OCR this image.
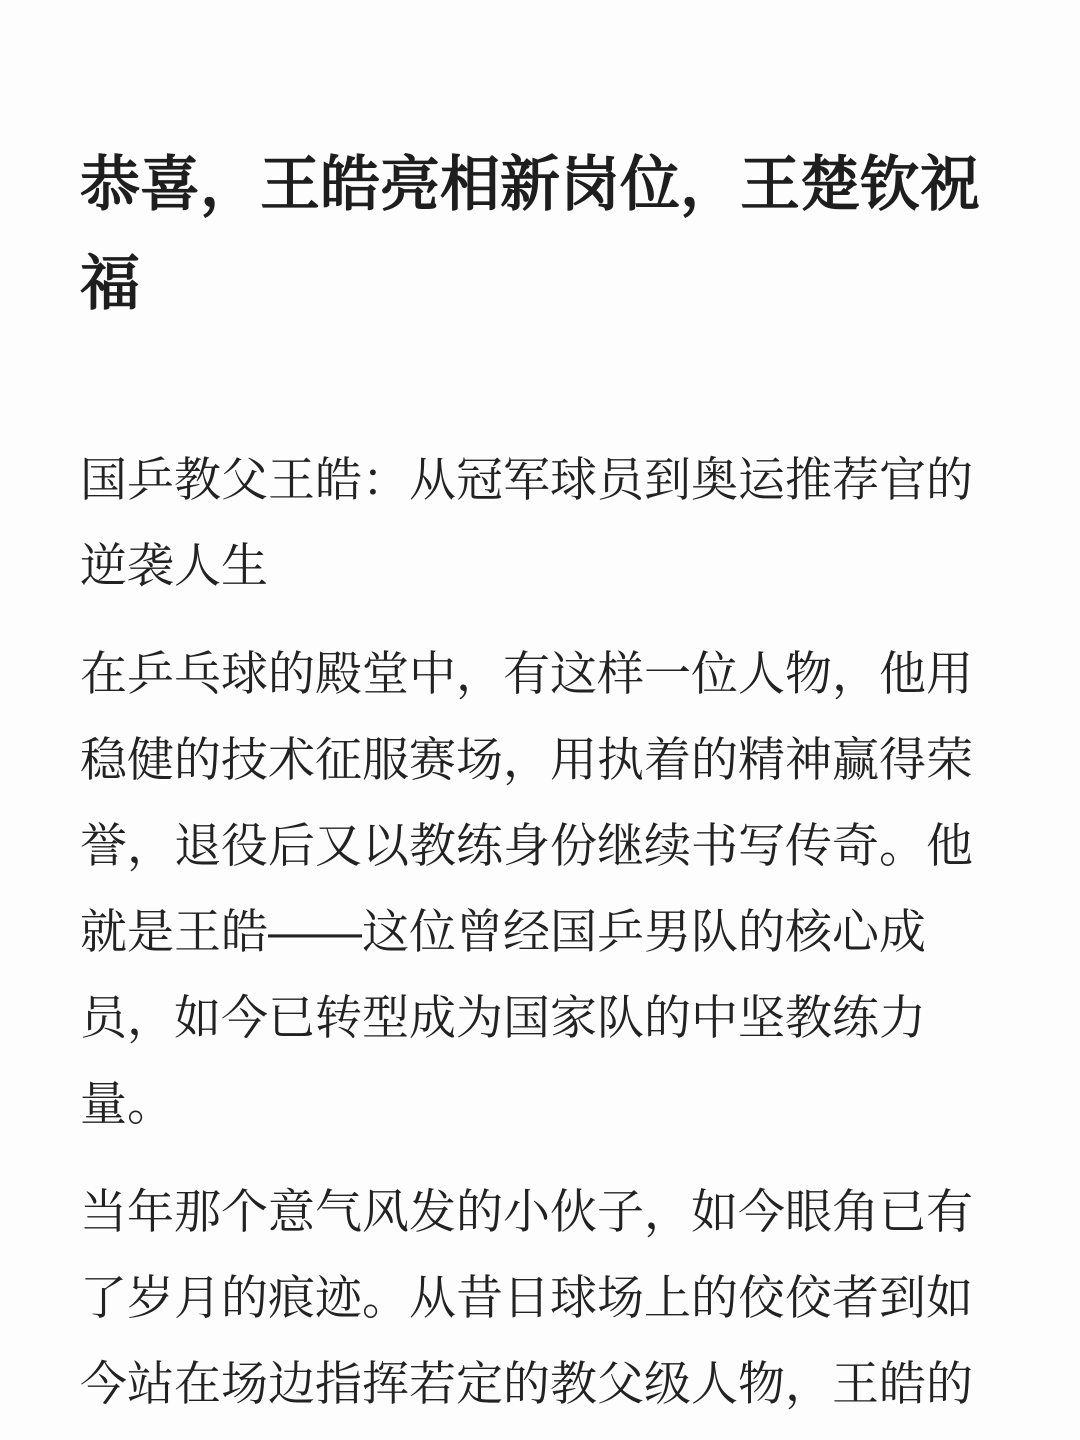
恭喜，王皓亮相新岗位，王楚钦祝
福

国乒教父王皓：从冠军球员到奥运推荐官的
逆袭人生

在乒乓球的殿堂中，有这样一位人物，他用
稳健的技术征服赛场，用执着的精神赢得荣
誉，退役后又以教练身份继续书写传奇。他
就是王皓——这位曾经国乒男队的核心成
员，如今已转型成为国家队的中坚教练力
量。

当年那个意气风发的小伙子，如今眼角已有
了岁月的痕迹。从昔日球场上的佼佼者到如
今站在场边指挥若定的教父级人物，王皓的
